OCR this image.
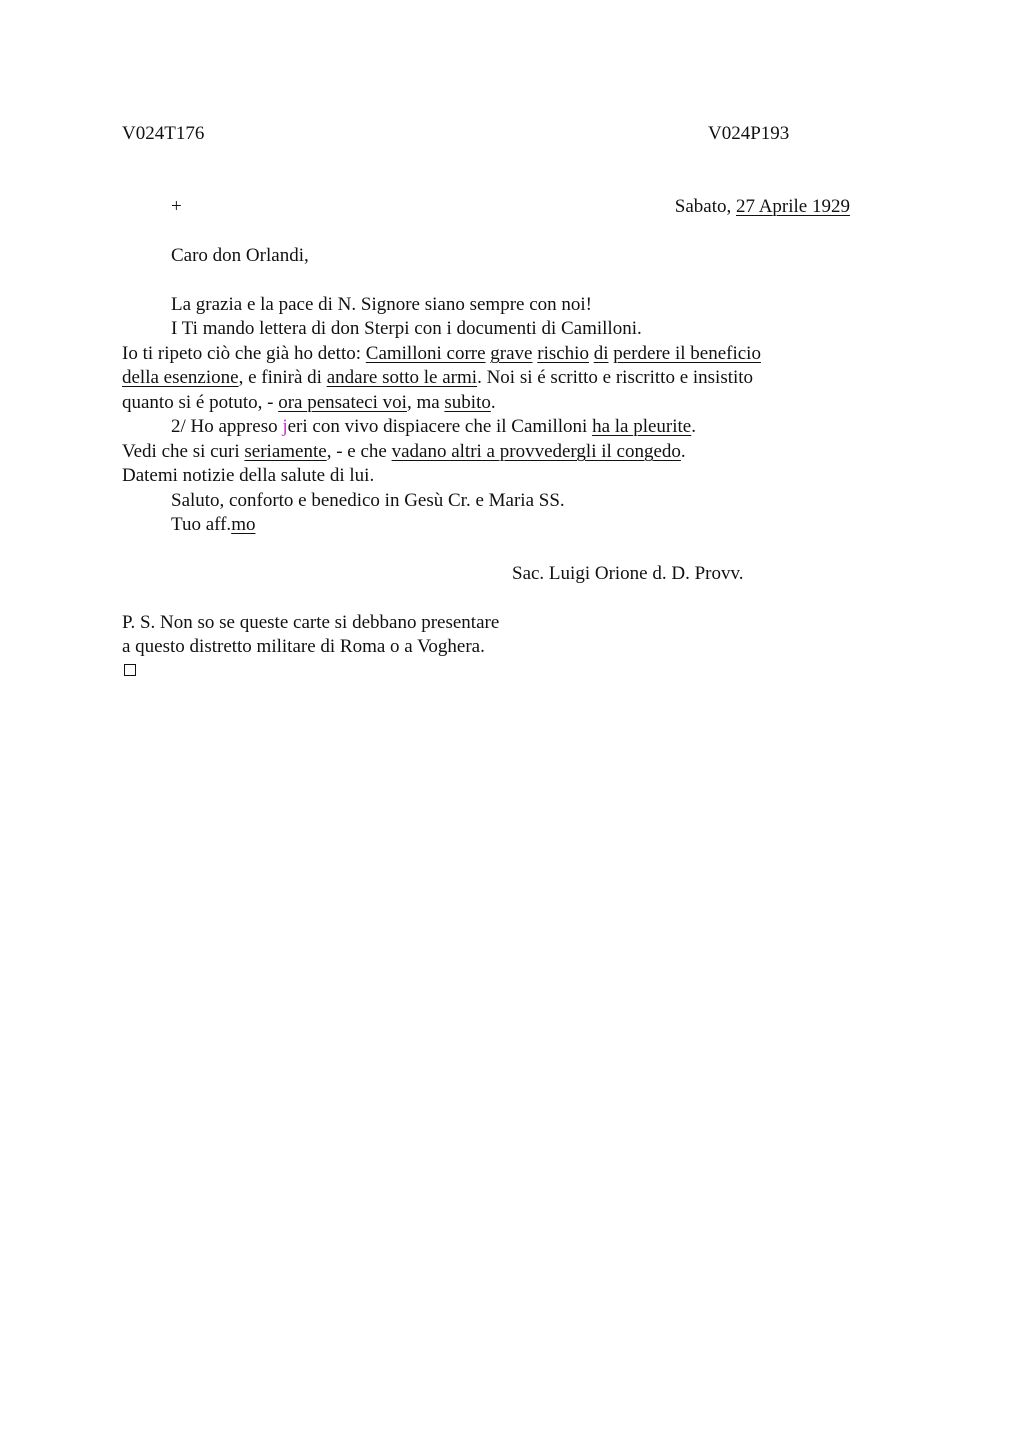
V024T176	V024P193
+	Sabato, 27 Aprile 1929
Caro don Orlandi,
La grazia e la pace di N. Signore siano sempre con noi!
I Ti mando lettera di don Sterpi con i documenti di Camilloni.
Io ti ripeto ciò che già ho detto: Camilloni corre grave rischio di perdere il beneficio
della esenzione, e finirà di andare sotto le armi. Noi si é scritto e riscritto e insistito
quanto si é potuto, - ora pensateci voi, ma subito.
2/ Ho appreso jeri con vivo dispiacere che il Camilloni ha la pleurite.
Vedi che si curi seriamente, - e che vadano altri a provvedergli il congedo.
Datemi notizie della salute di lui.
Saluto, conforto e benedico in Gesù Cr. e Maria SS.
Tuo aff.mo
Sac. Luigi Orione d. D. Provv.
P. S. Non so se queste carte si debbano presentare
a questo distretto militare di Roma o a Voghera.
